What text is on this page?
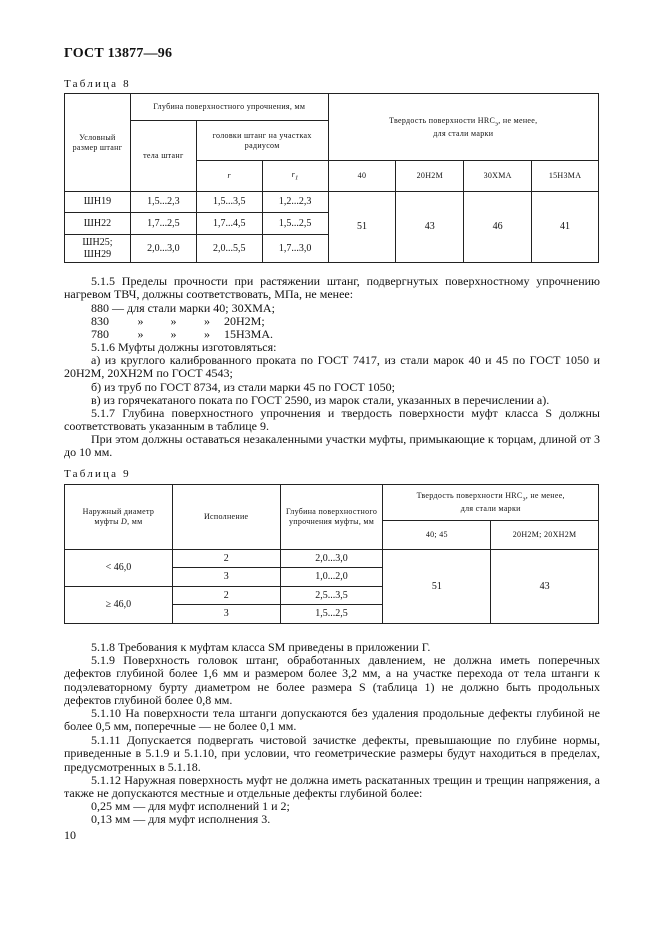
ГОСТ 13877—96
Таблица 8
Условный размер штанг	Глубина поверхностного упрочнения, мм			Твердость поверхности $HRC_э$, не менее,
для стали марки			
	тела штанг	головки штанг на участках радиусом					
		r	$r_1$	40	20Н2М	30ХМА	15Н3МА
ШН19	1,5...2,3	1,5...3,5	1,2...2,3	51	43	46	41
ШН22	1,7...2,5	1,7...4,5	1,5...2,5				
ШН25;
ШН29	2,0...3,0	2,0...5,5	1,7...3,0				
5.1.5 Пределы прочности при растяжении штанг, подвергнутых поверхностному упрочнению нагревом ТВЧ, должны соответствовать, МПа, не менее:
880 — для стали марки 40; 30ХМА;
830 » » » 20Н2М;
780 » » » 15Н3МА.
5.1.6 Муфты должны изготовляться:
а) из круглого калиброванного проката по ГОСТ 7417, из стали марок 40 и 45 по ГОСТ 1050 и 20Н2М, 20ХН2М по ГОСТ 4543;
б) из труб по ГОСТ 8734, из стали марки 45 по ГОСТ 1050;
в) из горячекатаного поката по ГОСТ 2590, из марок стали, указанных в перечислении а).
5.1.7 Глубина поверхностного упрочнения и твердость поверхности муфт класса S должны соответствовать указанным в таблице 9.
При этом должны оставаться незакаленными участки муфты, примыкающие к торцам, длиной от 3 до 10 мм.
Таблица 9
Наружный диаметр
муфты D, мм	Исполнение	Глубина поверхностного упрочнения муфты, мм	Твердость поверхности $HRC_э$, не менее,
для стали марки	
			40; 45	20Н2М; 20ХН2М
< 46,0	2	2,0...3,0	51	43
	3	1,0...2,0		
≥ 46,0	2	2,5...3,5		
	3	1,5...2,5		
5.1.8 Требования к муфтам класса SM приведены в приложении Г.
5.1.9 Поверхность головок штанг, обработанных давлением, не должна иметь поперечных дефектов глубиной более 1,6 мм и размером более 3,2 мм, а на участке перехода от тела штанги к подэлеваторному бурту диаметром не более размера S (таблица 1) не должно быть продольных дефектов глубиной более 0,8 мм.
5.1.10 На поверхности тела штанги допускаются без удаления продольные дефекты глубиной не более 0,5 мм, поперечные — не более 0,1 мм.
5.1.11 Допускается подвергать чистовой зачистке дефекты, превышающие по глубине нормы, приведенные в 5.1.9 и 5.1.10, при условии, что геометрические размеры будут находиться в пределах, предусмотренных в 5.1.18.
5.1.12 Наружная поверхность муфт не должна иметь раскатанных трещин и трещин напряжения, а также не допускаются местные и отдельные дефекты глубиной более:
0,25 мм — для муфт исполнений 1 и 2;
0,13 мм — для муфт исполнения 3.
10
